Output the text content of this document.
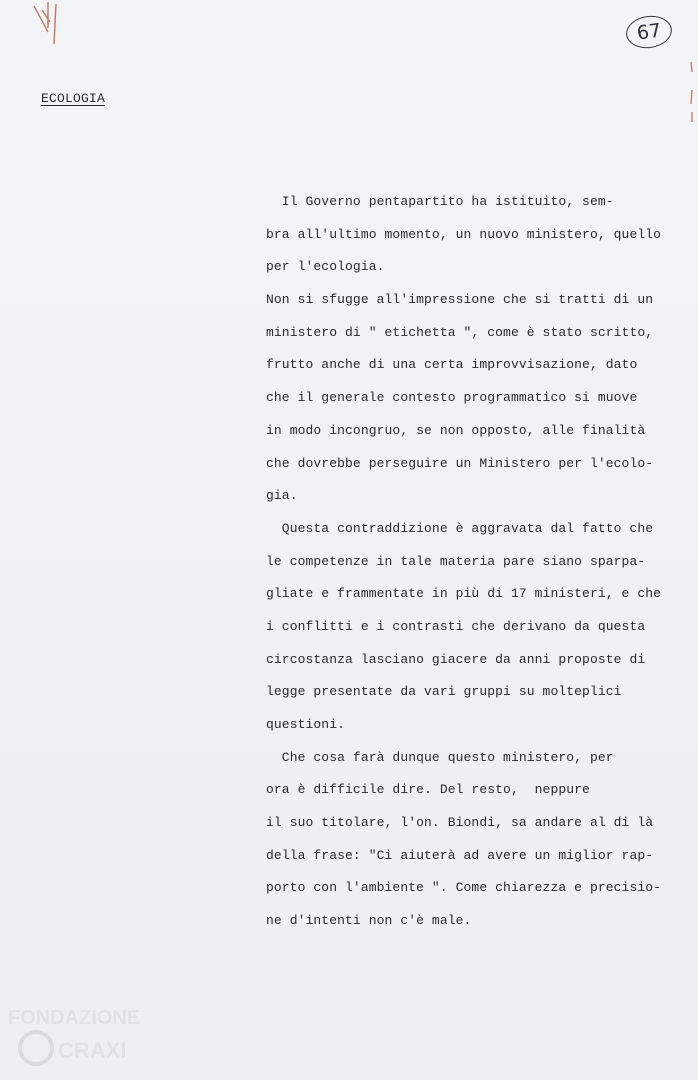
67
ECOLOGIA
Il Governo pentapartito ha istituito, sem-
bra all'ultimo momento, un nuovo ministero, quello
per l'ecologia.
Non si sfugge all'impressione che si tratti di un
ministero di " etichetta ", come è stato scritto,
frutto anche di una certa improvvisazione, dato
che il generale contesto programmatico si muove
in modo incongruo, se non opposto, alle finalità
che dovrebbe perseguire un Ministero per l'ecolo-
gia.
Questa contraddizione è aggravata dal fatto che
le competenze in tale materia pare siano sparpa-
gliate e frammentate in più di 17 ministeri, e che
i conflitti e i contrasti che derivano da questa
circostanza lasciano giacere da anni proposte di
legge presentate da vari gruppi su molteplici
questioni.
Che cosa farà dunque questo ministero, per
ora è difficile dire. Del resto,  neppure
il suo titolare, l'on. Biondi, sa andare al di là
della frase: "Ci aiuterà ad avere un miglior rap-
porto con l'ambiente ". Come chiarezza e precisio-
ne d'intenti non c'è male.
FONDAZIONE
CRAXI
